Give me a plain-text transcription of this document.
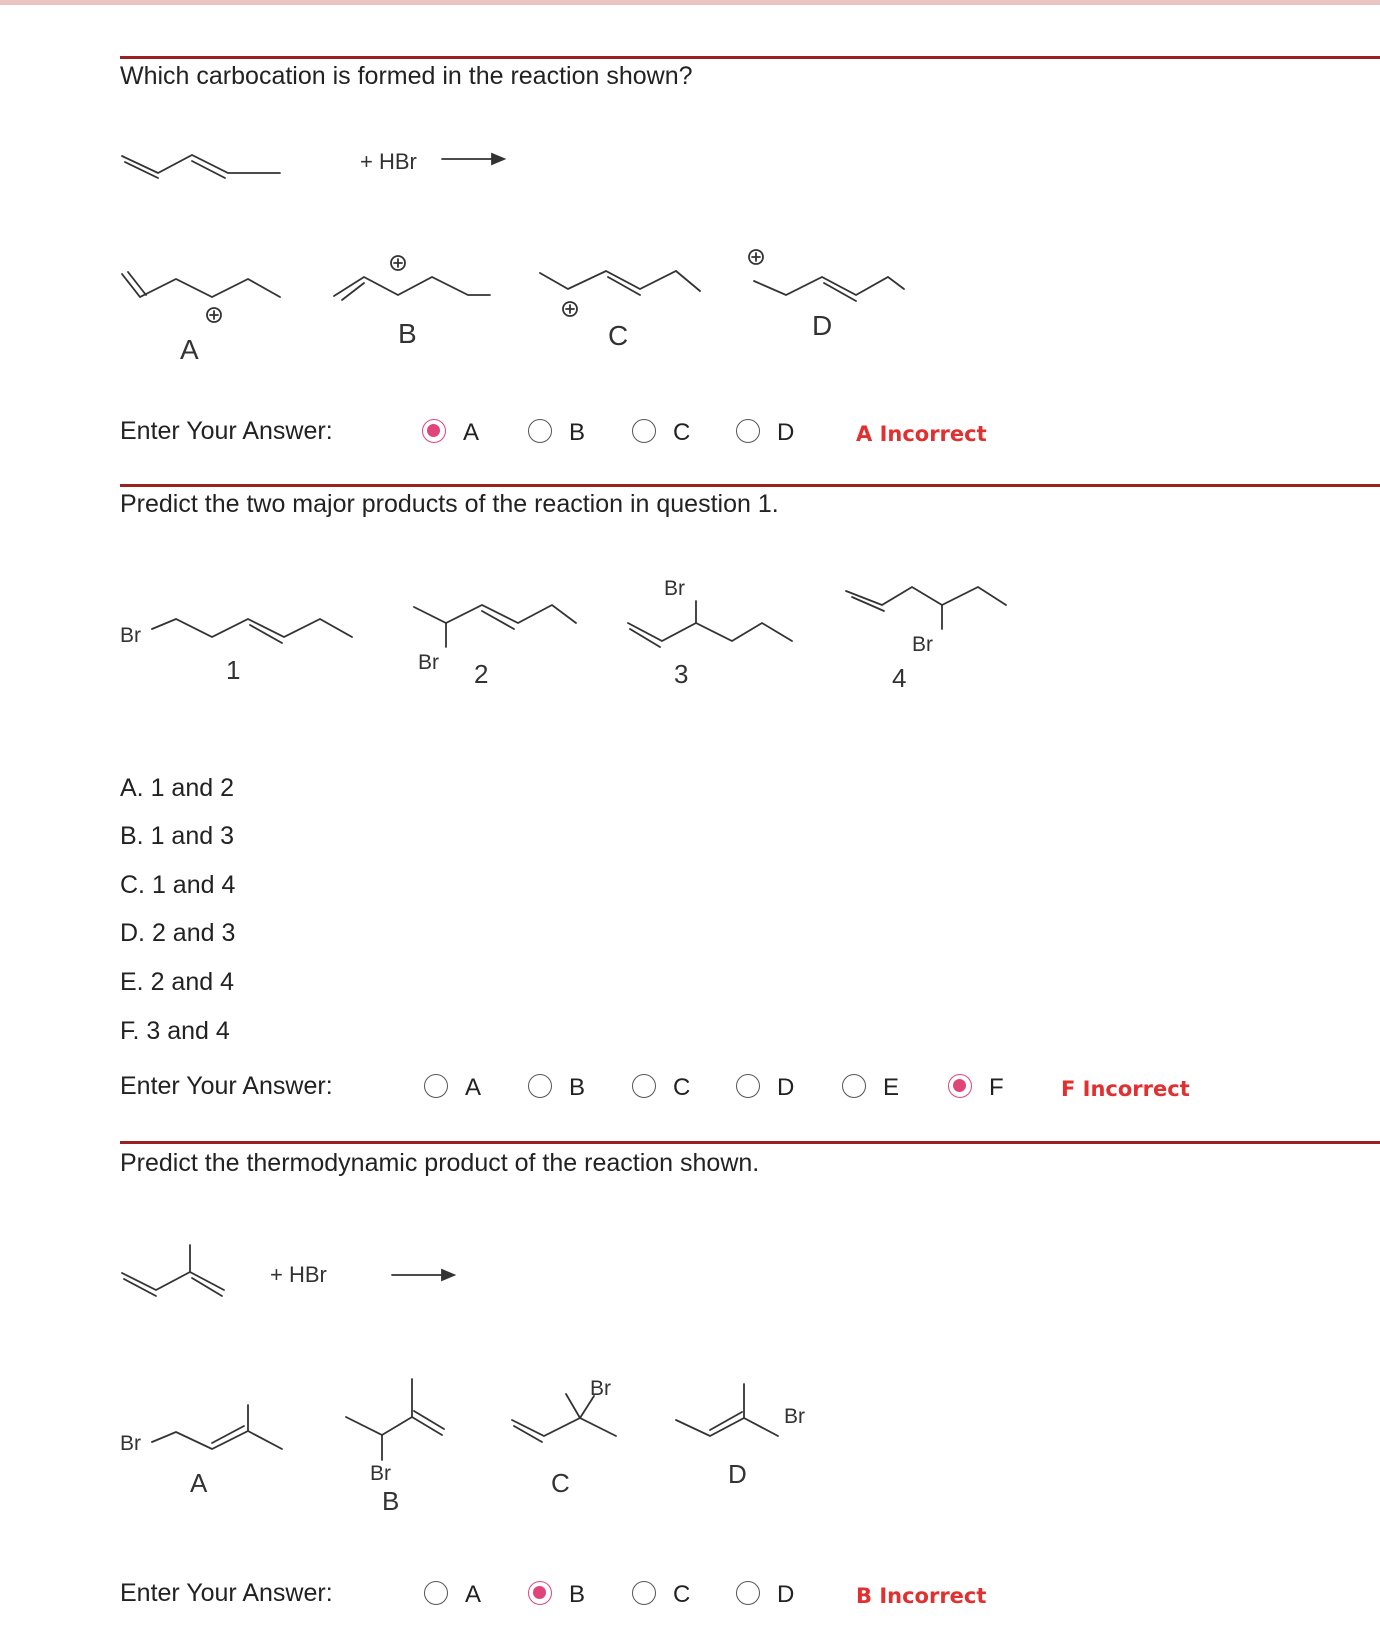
Which carbocation is formed in the reaction shown?
+ HBr
A
B	C	D
Enter Your Answer:	A	B	C	D	A Incorrect
Predict the two major products of the reaction in question 1.
Br
1	Br 2
Br
3
Br
4
A. 1 and 2
B. 1 and 3
C. 1 and 4
D. 2 and 3
E. 2 and 4
F. 3 and 4
Enter Your Answer:	A	B	C	D	E	F	F Incorrect
Predict the thermodynamic product of the reaction shown.
+ HBr
Br
A	Br
B
Br
C
Br
D
Enter Your Answer:	A	B	C	D	B Incorrect
